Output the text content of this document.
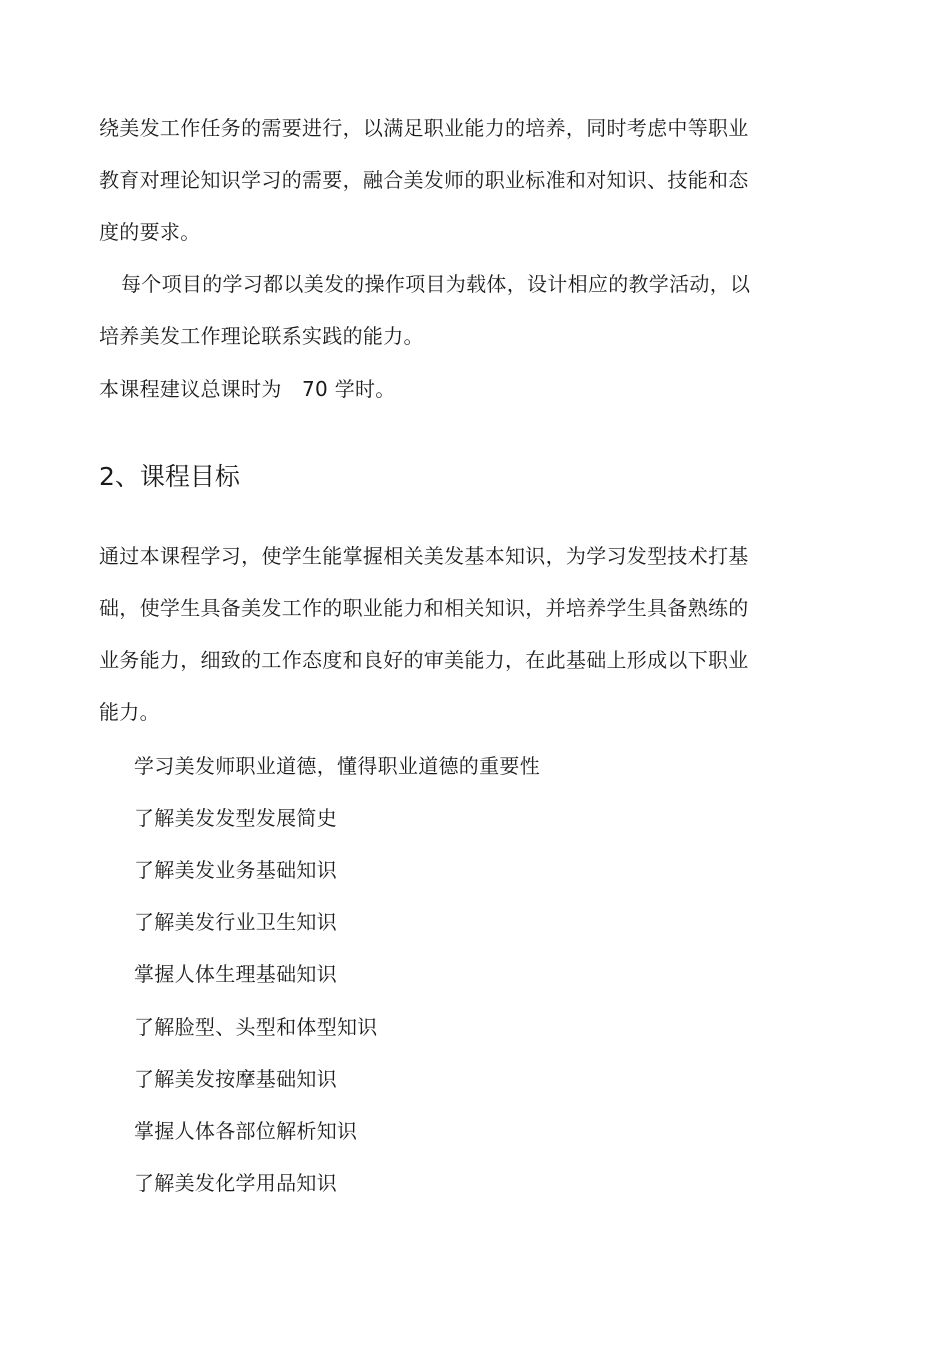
绕美发工作任务的需要进行，以满足职业能力的培养，同时考虑中等职业
教育对理论知识学习的需要，融合美发师的职业标准和对知识、技能和态
度的要求。
每个项目的学习都以美发的操作项目为载体，设计相应的教学活动，以
培养美发工作理论联系实践的能力。
本课程建议总课时为　70 学时。
2、课程目标
通过本课程学习，使学生能掌握相关美发基本知识，为学习发型技术打基
础，使学生具备美发工作的职业能力和相关知识，并培养学生具备熟练的
业务能力，细致的工作态度和良好的审美能力，在此基础上形成以下职业
能力。
学习美发师职业道德，懂得职业道德的重要性
了解美发发型发展简史
了解美发业务基础知识
了解美发行业卫生知识
掌握人体生理基础知识
了解脸型、头型和体型知识
了解美发按摩基础知识
掌握人体各部位解析知识
了解美发化学用品知识
